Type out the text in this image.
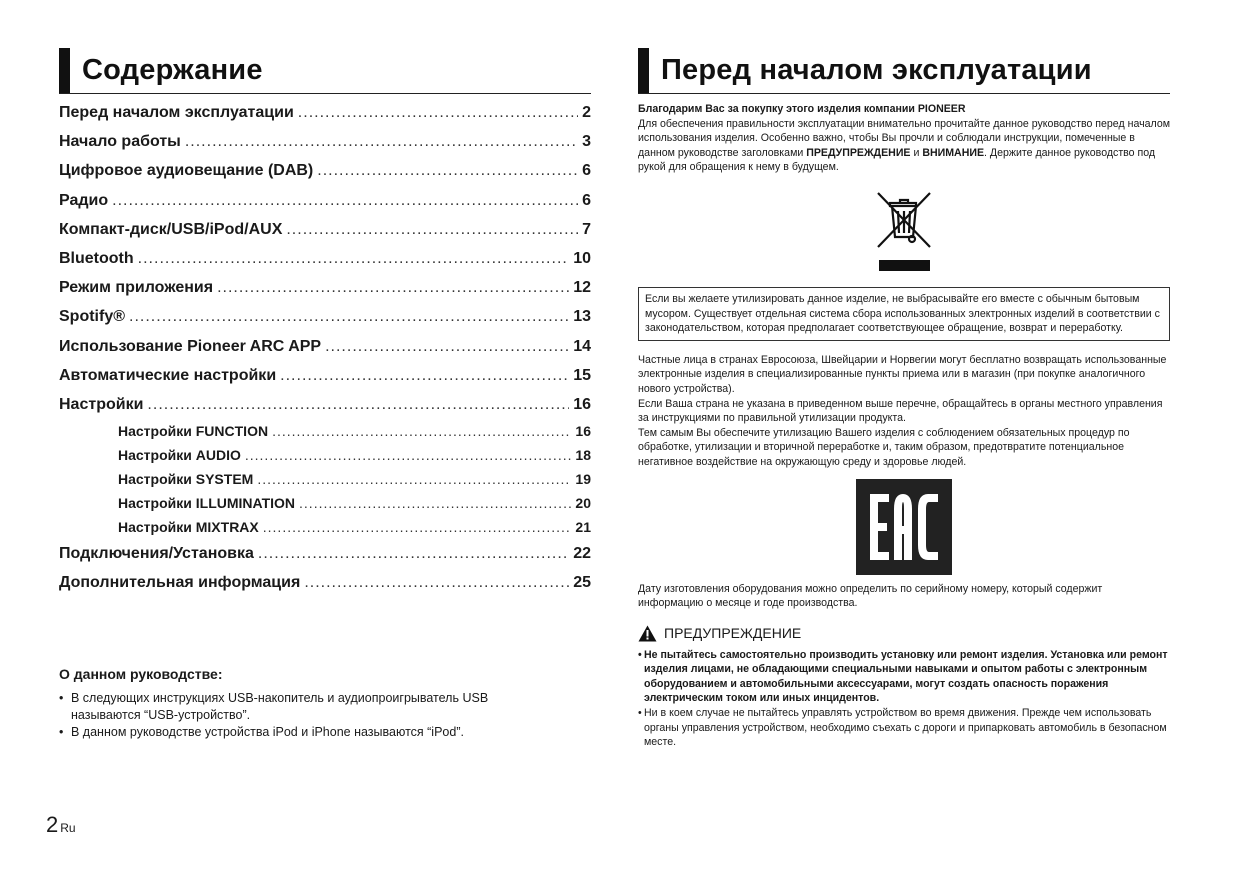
Содержание
Перед началом эксплуатации .....	2
Начало работы .....	3
Цифровое аудиовещание (DAB) .....	6
Радио .....	6
Компакт-диск/USB/iPod/AUX .....	7
Bluetooth .....	10
Режим приложения .....	12
Spotify® .....	13
Использование Pioneer ARC APP .....	14
Автоматические настройки .....	15
Настройки .....	16
Настройки FUNCTION .....	16
Настройки AUDIO .....	18
Настройки SYSTEM .....	19
Настройки ILLUMINATION .....	20
Настройки MIXTRAX .....	21
Подключения/Установка .....	22
Дополнительная информация .....	25
О данном руководстве:
• В следующих инструкциях USB-накопитель и аудиопроигрыватель USB называются “USB-устройство”.
• В данном руководстве устройства iPod и iPhone называются “iPod”.
2 Ru
Перед началом эксплуатации
Благодарим Вас за покупку этого изделия компании PIONEER
Для обеспечения правильности эксплуатации внимательно прочитайте данное руководство перед началом использования изделия. Особенно важно, чтобы Вы прочли и соблюдали инструкции, помеченные в данном руководстве заголовками ПРЕДУПРЕЖДЕНИЕ и ВНИМАНИЕ. Держите данное руководство под рукой для обращения к нему в будущем.
Если вы желаете утилизировать данное изделие, не выбрасывайте его вместе с обычным бытовым мусором. Существует отдельная система сбора использованных электронных изделий в соответствии с законодательством, которая предполагает соответствующее обращение, возврат и переработку.
Частные лица в странах Евросоюза, Швейцарии и Норвегии могут бесплатно возвращать использованные электронные изделия в специализированные пункты приема или в магазин (при покупке аналогичного нового устройства).
Если Ваша страна не указана в приведенном выше перечне, обращайтесь в органы местного управления за инструкциями по правильной утилизации продукта.
Тем самым Вы обеспечите утилизацию Вашего изделия с соблюдением обязательных процедур по обработке, утилизации и вторичной переработке и, таким образом, предотвратите потенциальное негативное воздействие на окружающую среду и здоровье людей.
Дату изготовления оборудования можно определить по серийному номеру, который содержит информацию о месяце и годе производства.
ПРЕДУПРЕЖДЕНИЕ
• Не пытайтесь самостоятельно производить установку или ремонт изделия. Установка или ремонт изделия лицами, не обладающими специальными навыками и опытом работы с электронным оборудованием и автомобильными аксессуарами, могут создать опасность поражения электрическим током или иных инцидентов.
• Ни в коем случае не пытайтесь управлять устройством во время движения. Прежде чем использовать органы управления устройством, необходимо съехать с дороги и припарковать автомобиль в безопасном месте.
